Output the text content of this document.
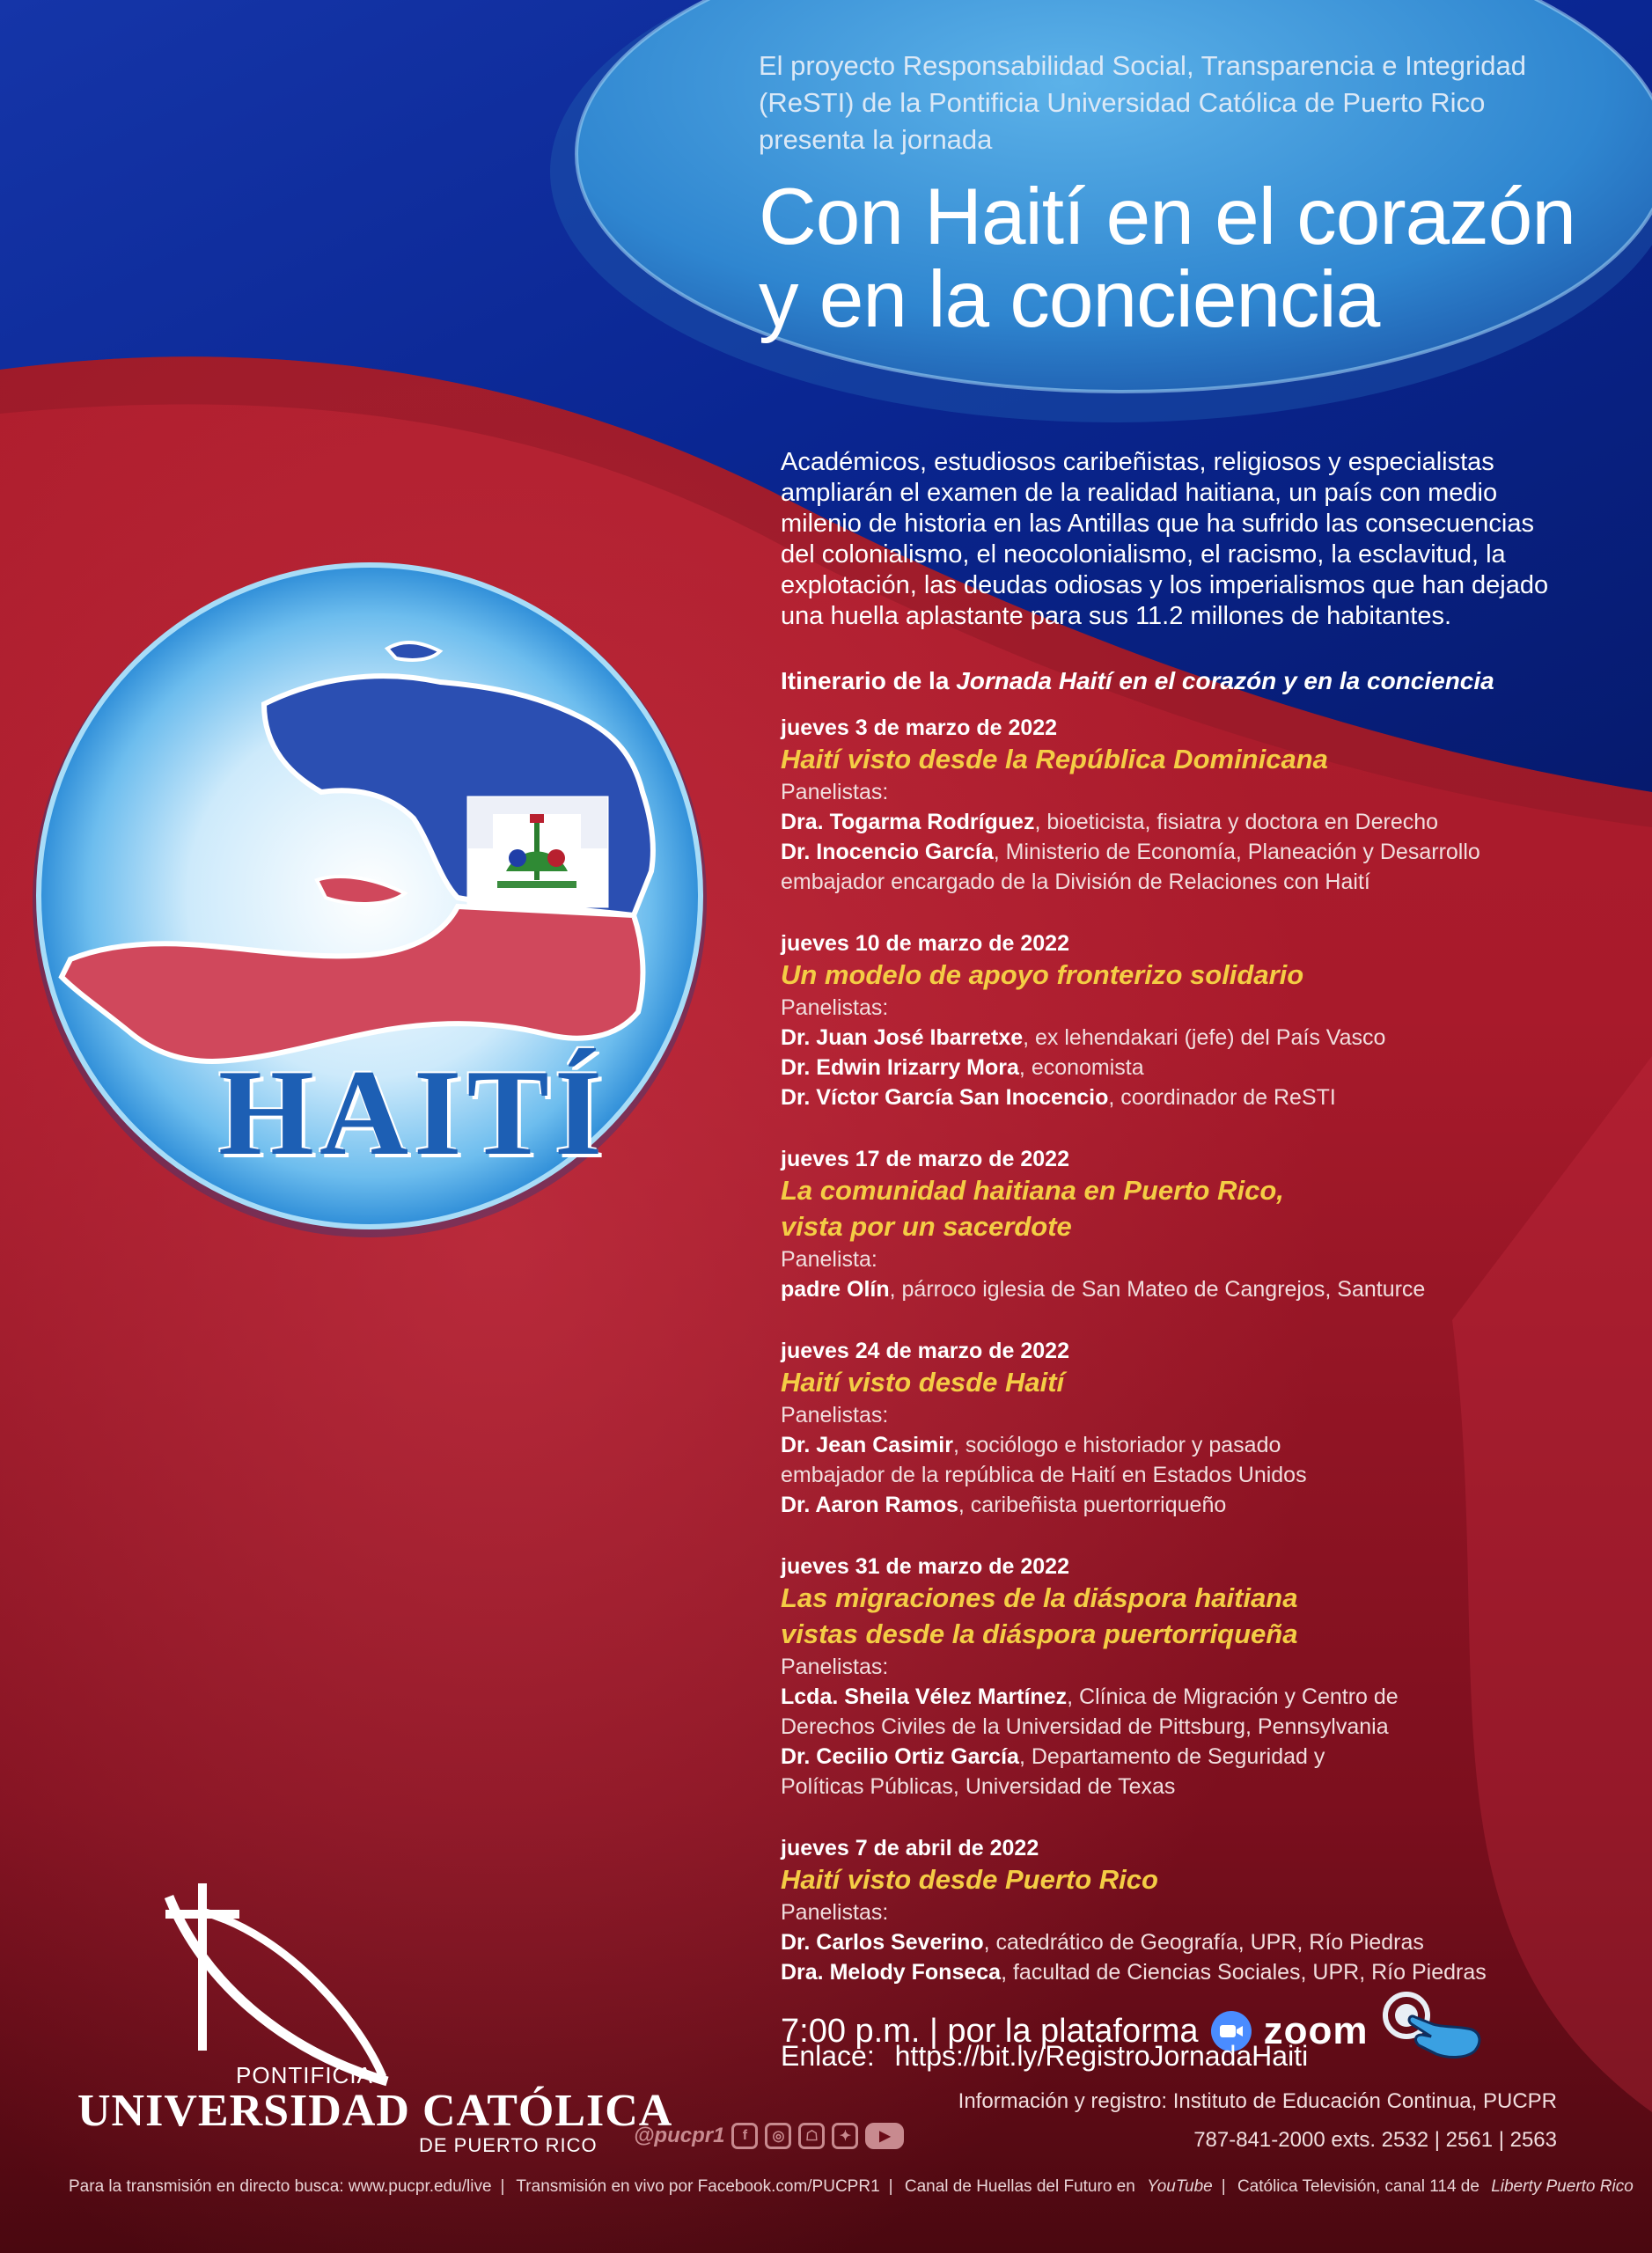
HAITÍ
El proyecto Responsabilidad Social, Transparencia e Integridad (ReSTI) de la Pontificia Universidad Católica de Puerto Rico presenta la jornada
Con Haití en el corazón
y en la conciencia
Académicos, estudiosos caribeñistas, religiosos y especialistas ampliarán el examen de la realidad haitiana, un país con medio milenio de historia en las Antillas que ha sufrido las consecuencias del colonialismo, el neocolonialismo, el racismo, la esclavitud, la explotación, las deudas odiosas y los imperialismos que han dejado una huella aplastante para sus 11.2 millones de habitantes.
Itinerario de la Jornada Haití en el corazón y en la conciencia
jueves 3 de marzo de 2022
Haití visto desde la República Dominicana
Panelistas:
Dra. Togarma Rodríguez, bioeticista, fisiatra y doctora en Derecho
Dr. Inocencio García, Ministerio de Economía, Planeación y Desarrollo
embajador encargado de la División de Relaciones con Haití
jueves 10 de marzo de 2022
Un modelo de apoyo fronterizo solidario
Panelistas:
Dr. Juan José Ibarretxe, ex lehendakari (jefe) del País Vasco
Dr. Edwin Irizarry Mora, economista
Dr. Víctor García San Inocencio, coordinador de ReSTI
jueves 17 de marzo de 2022
La comunidad haitiana en Puerto Rico,
vista por un sacerdote
Panelista:
padre Olín, párroco iglesia de San Mateo de Cangrejos, Santurce
jueves 24 de marzo de 2022
Haití visto desde Haití
Panelistas:
Dr. Jean Casimir, sociólogo e historiador y pasado
embajador de la república de Haití en Estados Unidos
Dr. Aaron Ramos, caribeñista puertorriqueño
jueves 31 de marzo de 2022
Las migraciones de la diáspora haitiana
vistas desde la diáspora puertorriqueña
Panelistas:
Lcda. Sheila Vélez Martínez, Clínica de Migración y Centro de
Derechos Civiles de la Universidad de Pittsburg, Pennsylvania
Dr. Cecilio Ortiz García, Departamento de Seguridad y
Políticas Públicas, Universidad de Texas
jueves 7 de abril de 2022
Haití visto desde Puerto Rico
Panelistas:
Dr. Carlos Severino, catedrático de Geografía, UPR, Río Piedras
Dra. Melody Fonseca, facultad de Ciencias Sociales, UPR, Río Piedras
7:00 p.m. | por la plataforma zoom
Enlace: https://bit.ly/RegistroJornadaHaiti
Información y registro: Instituto de Educación Continua, PUCPR
787-841-2000 exts. 2532 | 2561 | 2563
PONTIFICIA
UNIVERSIDAD CATÓLICA
DE PUERTO RICO @pucpr1	f	◎	☖	✦	▶
Para la transmisión en directo busca: www.pucpr.edu/live | Transmisión en vivo por Facebook.com/PUCPR1 | Canal de Huellas del Futuro en YouTube | Católica Televisión, canal 114 de Liberty Puerto Rico
